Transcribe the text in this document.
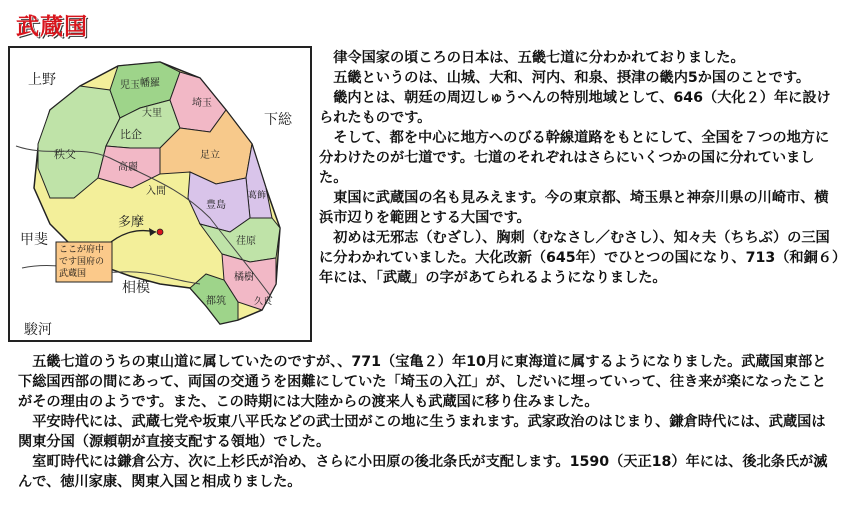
武蔵国
上野
下総
甲斐
相模
駿河
多摩
秩父
児玉 幡羅
大里
比企
埼玉
高麗
入間
足立
葛飾
豊島
荏原
橘樹
都筑	久良
ここが府中です国府の武蔵国

　律令国家の頃ころの日本は、五畿七道に分わかれておりました。

　五畿というのは、山城、大和、河内、和泉、摂津の畿内5か国のことです。

　畿内とは、朝廷の周辺しゅうへんの特別地域として、646（大化２）年に設けられたものです。

　そして、都を中心に地方へのびる幹線道路をもとにして、全国を７つの地方に分わけたのが七道です。七道のそれぞれはさらにいくつかの国に分れていました。

　東国に武蔵国の名も見みえます。今の東京都、埼玉県と神奈川県の川崎市、横浜市辺りを範囲とする大国です。

　初めは无邪志（むざし）、胸刺（むなさし／むさし）、知々夫（ちちぶ）の三国に分わかれていました。大化改新（645年）でひとつの国になり、713（和銅６）年には、「武蔵」の字があてられるようになりました。

　五畿七道のうちの東山道に属していたのですが、、771（宝亀２）年10月に東海道に属するようになりました。武蔵国東部と下総国西部の間にあって、両国の交通うを困難にしていた「埼玉の入江」が、しだいに埋っていって、往き来が楽になったことがその理由のようです。また、この時期には大陸からの渡来人も武蔵国に移り住みました。

　平安時代には、武蔵七党や坂東八平氏などの武士団がこの地に生うまれます。武家政治のはじまり、鎌倉時代には、武蔵国は関東分国（源頼朝が直接支配する領地）でした。

　室町時代には鎌倉公方、次に上杉氏が治め、さらに小田原の後北条氏が支配します。1590（天正18）年には、後北条氏が滅んで、徳川家康、関東入国と相成りました。
